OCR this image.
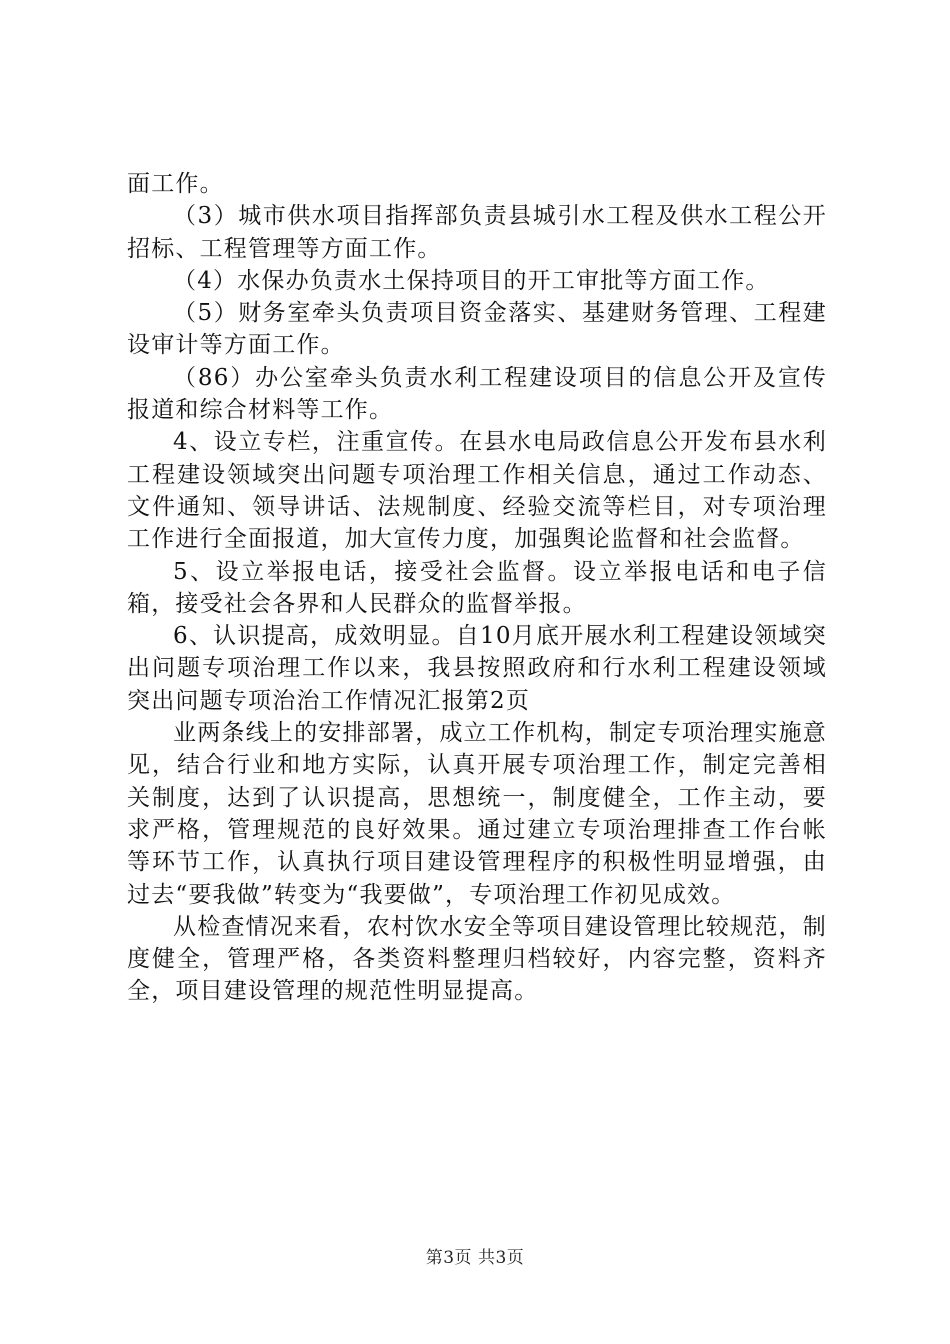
面工作。

（3）城市供水项目指挥部负责县城引水工程及供水工程公开招标、工程管理等方面工作。

（4）水保办负责水土保持项目的开工审批等方面工作。

（5）财务室牵头负责项目资金落实、基建财务管理、工程建设审计等方面工作。

（86）办公室牵头负责水利工程建设项目的信息公开及宣传报道和综合材料等工作。

4、设立专栏，注重宣传。在县水电局政信息公开发布县水利工程建设领域突出问题专项治理工作相关信息，通过工作动态、文件通知、领导讲话、法规制度、经验交流等栏目，对专项治理工作进行全面报道，加大宣传力度，加强舆论监督和社会监督。

5、设立举报电话，接受社会监督。设立举报电话和电子信箱，接受社会各界和人民群众的监督举报。

6、认识提高，成效明显。自10月底开展水利工程建设领域突出问题专项治理工作以来，我县按照政府和行水利工程建设领域突出问题专项治治工作情况汇报第2页

业两条线上的安排部署，成立工作机构，制定专项治理实施意见，结合行业和地方实际，认真开展专项治理工作，制定完善相关制度，达到了认识提高，思想统一，制度健全，工作主动，要求严格，管理规范的良好效果。通过建立专项治理排查工作台帐等环节工作，认真执行项目建设管理程序的积极性明显增强，由过去“要我做”转变为“我要做”，专项治理工作初见成效。

从检查情况来看，农村饮水安全等项目建设管理比较规范，制度健全，管理严格，各类资料整理归档较好，内容完整，资料齐全，项目建设管理的规范性明显提高。

第3页 共3页
